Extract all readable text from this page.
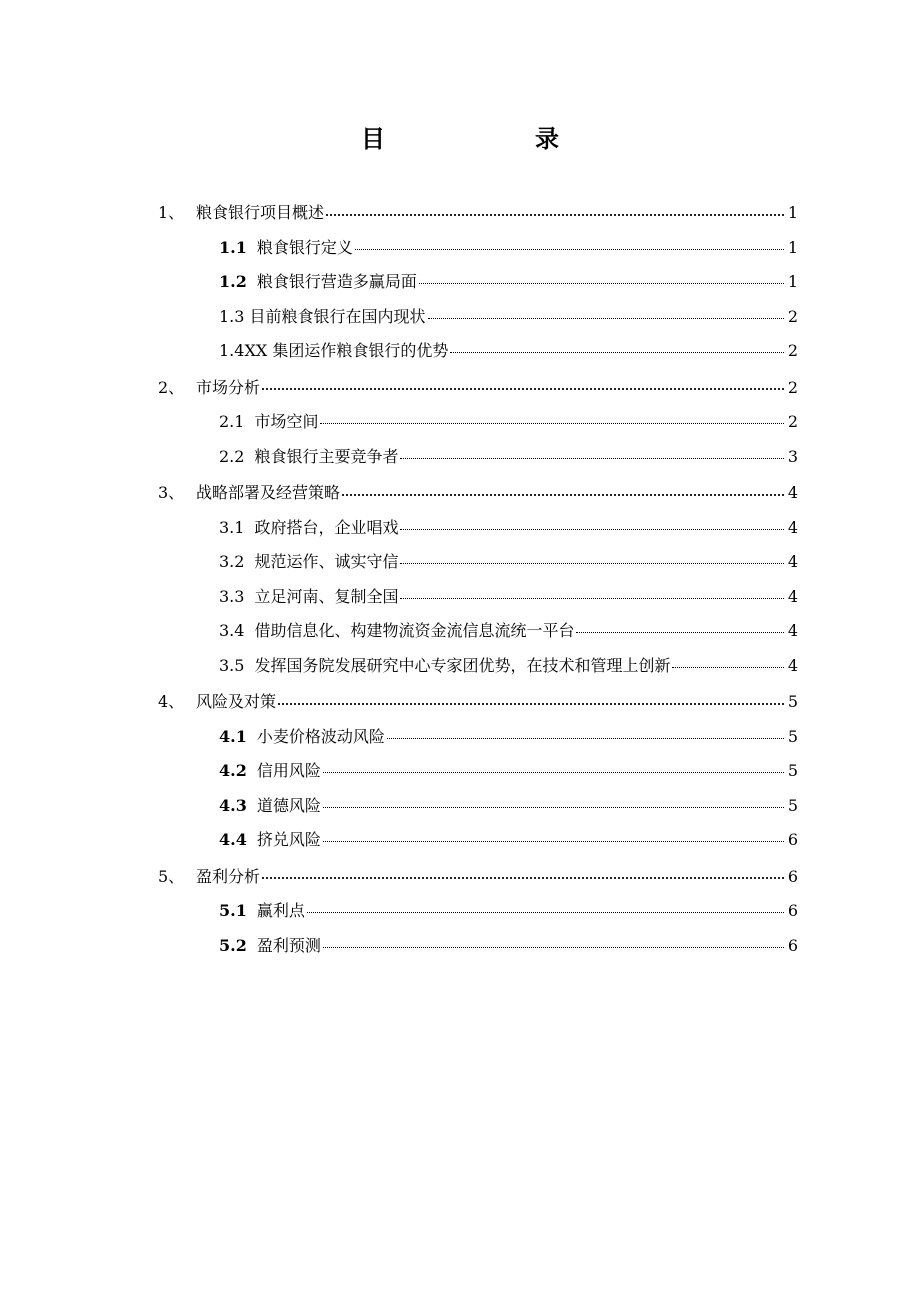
目　　录
1、 粮食银行项目概述	1
1.1 粮食银行定义	1
1.2 粮食银行营造多赢局面	1
1.3 目前粮食银行在国内现状	2
1.4XX 集团运作粮食银行的优势	2
2、 市场分析	2
2.1 市场空间	2
2.2 粮食银行主要竞争者	3
3、 战略部署及经营策略	4
3.1 政府搭台，企业唱戏	4
3.2 规范运作、诚实守信	4
3.3 立足河南、复制全国	4
3.4 借助信息化、构建物流资金流信息流统一平台	4
3.5 发挥国务院发展研究中心专家团优势，在技术和管理上创新	4
4、 风险及对策	5
4.1 小麦价格波动风险	5
4.2 信用风险	5
4.3 道德风险	5
4.4 挤兑风险	6
5、 盈利分析	6
5.1 赢利点	6
5.2 盈利预测	6
